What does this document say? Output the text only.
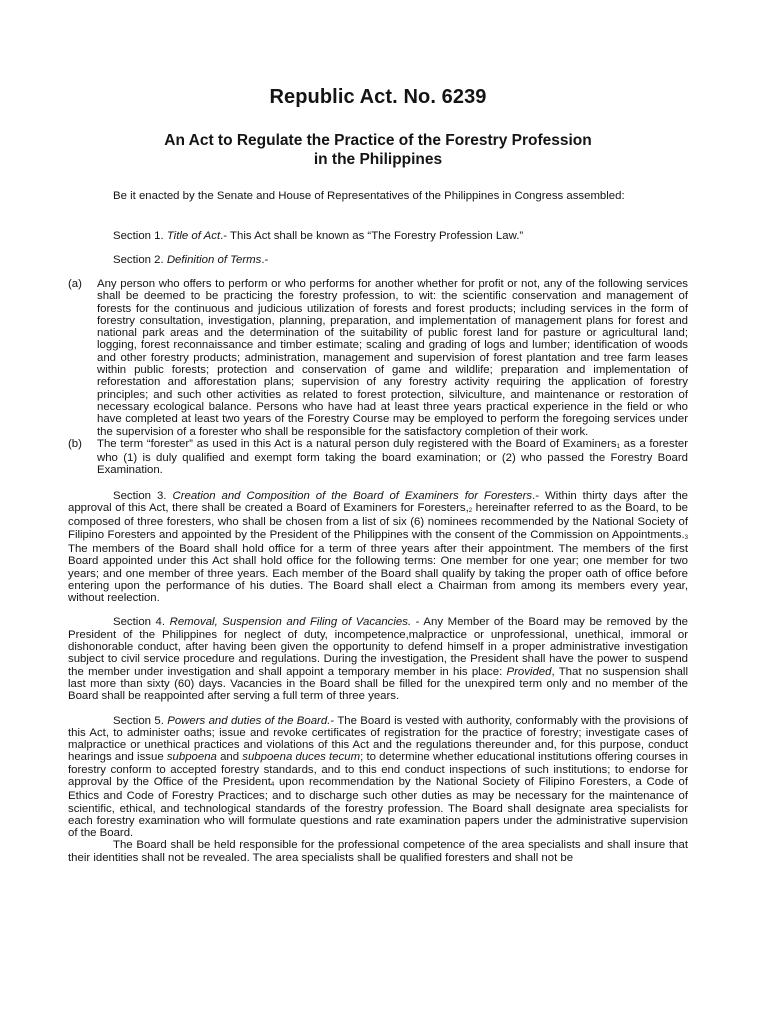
Republic Act. No. 6239
An Act to Regulate the Practice of the Forestry Profession
in the Philippines

Be it enacted by the Senate and House of Representatives of the Philippines in Congress assembled:

Section 1. Title of Act.- This Act shall be known as “The Forestry Profession Law.”

Section 2. Definition of Terms.-

(a)	Any person who offers to perform or who performs for another whether for profit or not, any of the following services shall be deemed to be practicing the forestry profession, to wit: the scientific conservation and management of forests for the continuous and judicious utilization of forests and forest products; including services in the form of forestry consultation, investigation, planning, preparation, and implementation of management plans for forest and national park areas and the determination of the suitability of public forest land for pasture or agricultural land; logging, forest reconnaissance and timber estimate; scaling and grading of logs and lumber; identification of woods and other forestry products; administration, management and supervision of forest plantation and tree farm leases within public forests; protection and conservation of game and wildlife; preparation and implementation of reforestation and afforestation plans; supervision of any forestry activity requiring the application of forestry principles; and such other activities as related to forest protection, silviculture, and maintenance or restoration of necessary ecological balance. Persons who have had at least three years practical experience in the field or who have completed at least two years of the Forestry Course may be employed to perform the foregoing services under the supervision of a forester who shall be responsible for the satisfactory completion of their work.
(b)	The term “forester” as used in this Act is a natural person duly registered with the Board of Examiners$_1$ as a forester who (1) is duly qualified and exempt form taking the board examination; or (2) who passed the Forestry Board Examination.

Section 3. Creation and Composition of the Board of Examiners for Foresters.- Within thirty days after the approval of this Act, there shall be created a Board of Examiners for $Foresters,_2$ hereinafter referred to as the Board, to be composed of three foresters, who shall be chosen from a list of six (6) nominees recommended by the National Society of Filipino Foresters and appointed by the President of the Philippines with the consent of the Commission on $Appointments._3$ The members of the Board shall hold office for a term of three years after their appointment. The members of the first Board appointed under this Act shall hold office for the following terms: One member for one year; one member for two years; and one member of three years. Each member of the Board shall qualify by taking the proper oath of office before entering upon the performance of his duties. The Board shall elect a Chairman from among its members every year, without reelection.

Section 4. Removal, Suspension and Filing of Vacancies. - Any Member of the Board may be removed by the President of the Philippines for neglect of duty, incompetence,malpractice or unprofessional, unethical, immoral or dishonorable conduct, after having been given the opportunity to defend himself in a proper administrative investigation subject to civil service procedure and regulations. During the investigation, the President shall have the power to suspend the member under investigation and shall appoint a temporary member in his place: Provided, That no suspension shall last more than sixty (60) days. Vacancies in the Board shall be filled for the unexpired term only and no member of the Board shall be reappointed after serving a full term of three years.

Section 5. Powers and duties of the Board.- The Board is vested with authority, conformably with the provisions of this Act, to administer oaths; issue and revoke certificates of registration for the practice of forestry; investigate cases of malpractice or unethical practices and violations of this Act and the regulations thereunder and, for this purpose, conduct hearings and issue subpoena and subpoena duces tecum; to determine whether educational institutions offering courses in forestry conform to accepted forestry standards, and to this end conduct inspections of such institutions; to endorse for approval by the Office of the President$_4$ upon recommendation by the National Society of Filipino Foresters, a Code of Ethics and Code of Forestry Practices; and to discharge such other duties as may be necessary for the maintenance of scientific, ethical, and technological standards of the forestry profession. The Board shall designate area specialists for each forestry examination who will formulate questions and rate examination papers under the administrative supervision of the Board.

The Board shall be held responsible for the professional competence of the area specialists and shall insure that their identities shall not be revealed. The area specialists shall be qualified foresters and shall not be
